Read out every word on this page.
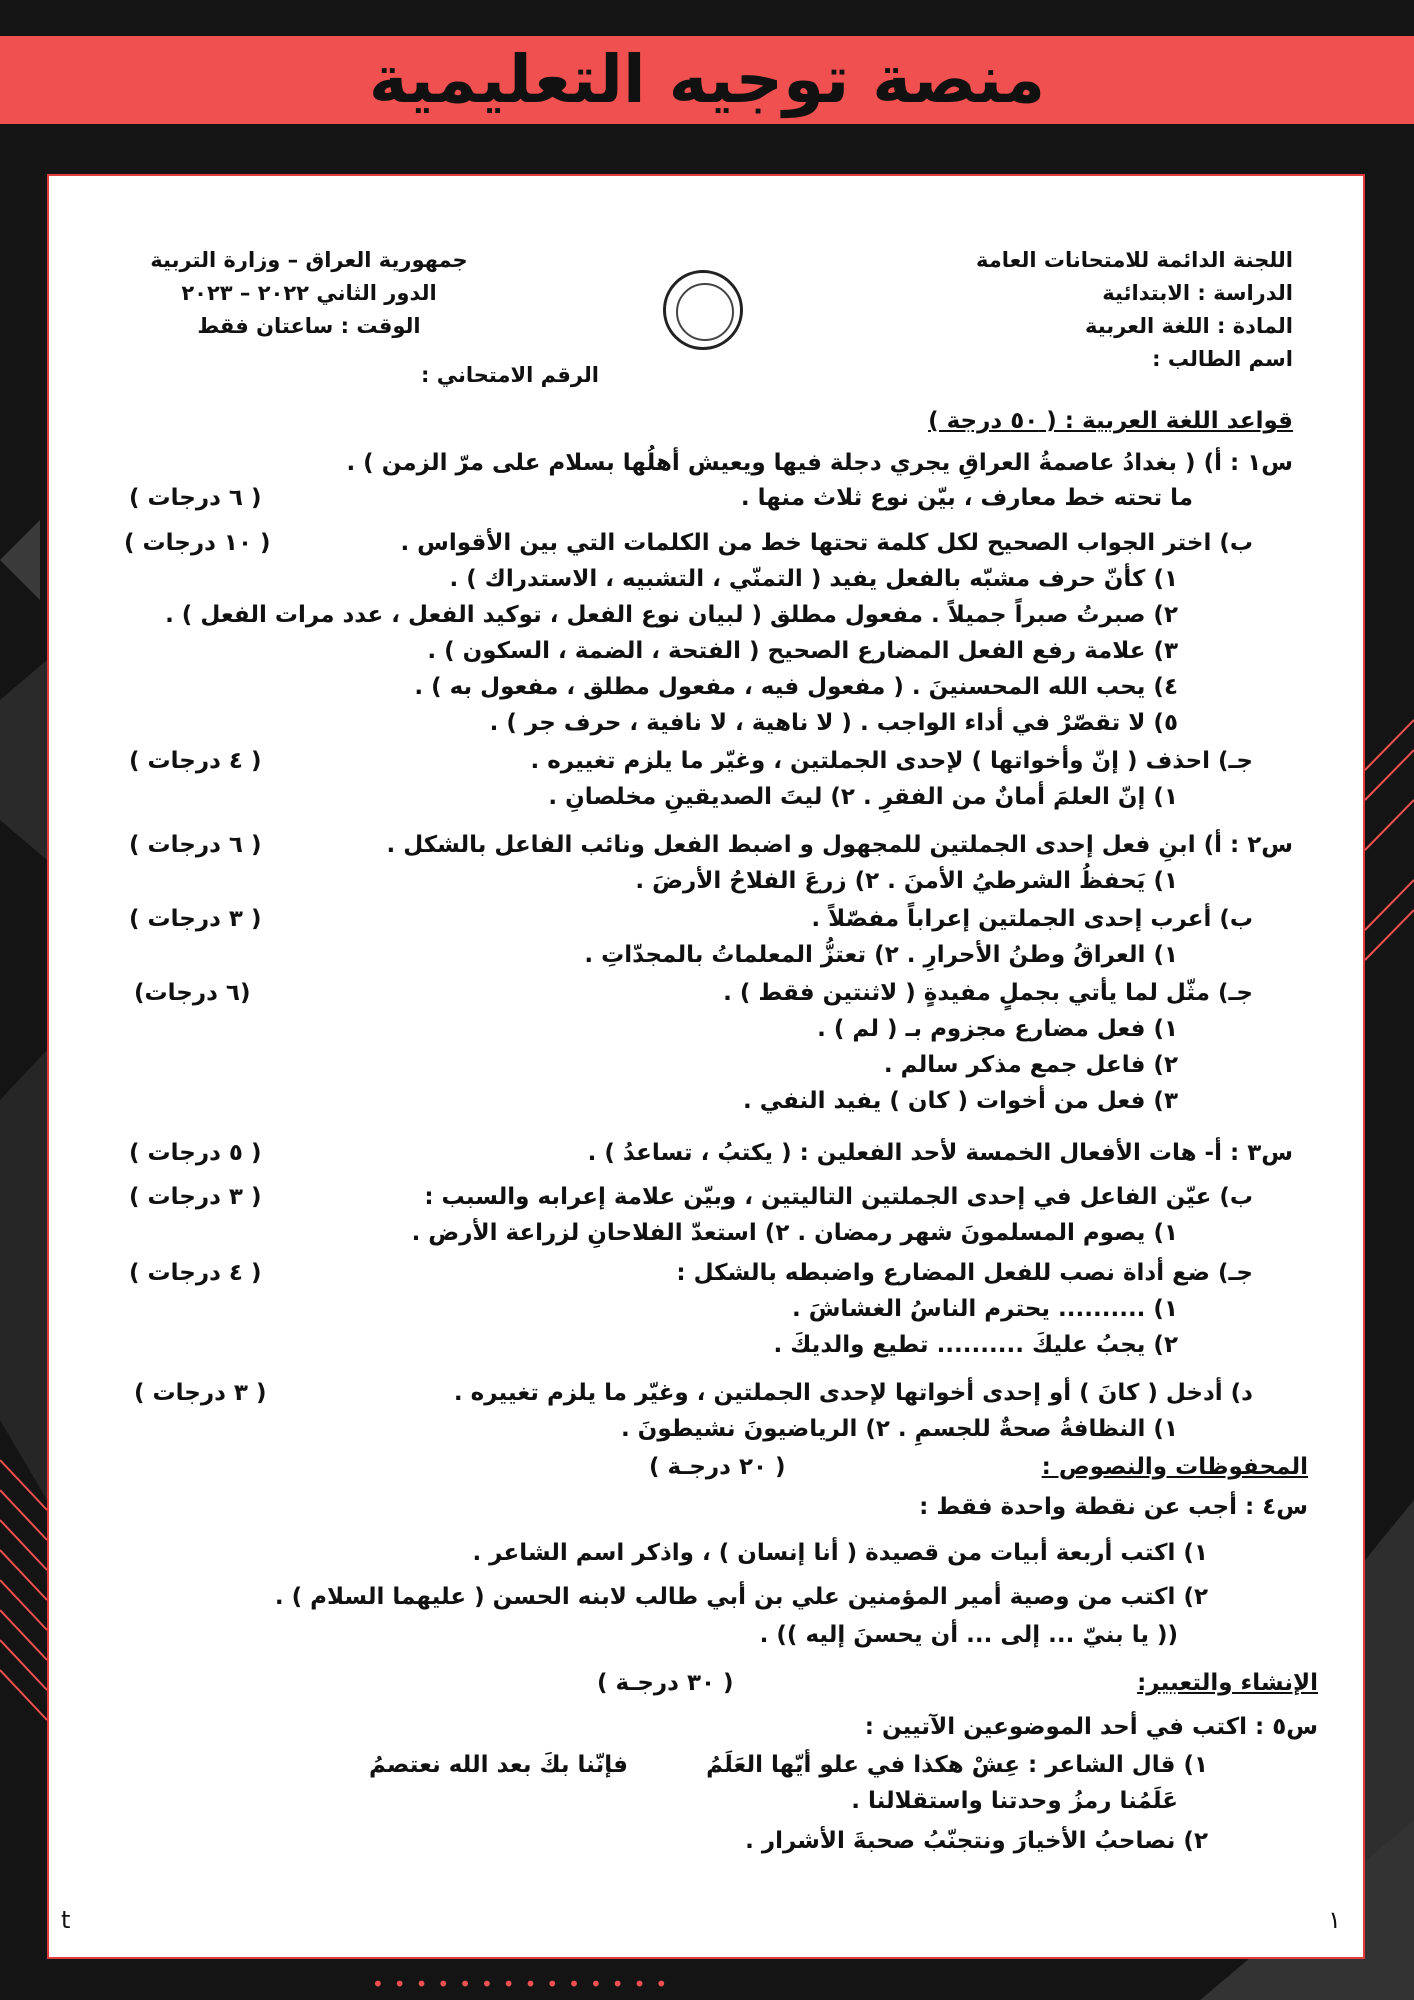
منصة توجيه التعليمية
اللجنة الدائمة للامتحانات العامة
الدراسة : الابتدائية
المادة : اللغة العربية
اسم الطالب :
جمهورية العراق – وزارة التربية
الدور الثاني ٢٠٢٢ – ٢٠٢٣
الوقت : ساعتان فقط
الرقم الامتحاني :
قواعد اللغة العربية : ( ٥٠ درجة )
س١ : أ) ( بغدادُ عاصمةُ العراقِ يجري دجلة فيها ويعيش أهلُها بسلام على مرّ الزمن ) .
ما تحته خط معارف ، بيّن نوع ثلاث منها .
( ٦ درجات )
ب) اختر الجواب الصحيح لكل كلمة تحتها خط من الكلمات التي بين الأقواس .
( ١٠ درجات )
١) كأنّ حرف مشبّه بالفعل يفيد ( التمنّي ، التشبيه ، الاستدراك ) .
٢) صبرتُ صبراً جميلاً . مفعول مطلق ( لبيان نوع الفعل ، توكيد الفعل ، عدد مرات الفعل ) .
٣) علامة رفع الفعل المضارع الصحيح ( الفتحة ، الضمة ، السكون ) .
٤) يحب الله المحسنينَ . ( مفعول فيه ، مفعول مطلق ، مفعول به ) .
٥) لا تقصّرْ في أداء الواجب . ( لا ناهية ، لا نافية ، حرف جر ) .
جـ) احذف ( إنّ وأخواتها ) لإحدى الجملتين ، وغيّر ما يلزم تغييره .
( ٤ درجات )
١) إنّ العلمَ أمانٌ من الفقرِ . ٢) ليتَ الصديقينِ مخلصانِ .
س٢ : أ) ابنِ فعل إحدى الجملتين للمجهول و اضبط الفعل ونائب الفاعل بالشكل .
( ٦ درجات )
١) يَحفظُ الشرطيُ الأمنَ . ٢) زرعَ الفلاحُ الأرضَ .
ب) أعرب إحدى الجملتين إعراباً مفصّلاً .
( ٣ درجات )
١) العراقُ وطنُ الأحرارِ . ٢) تعتزُّ المعلماتُ بالمجدّاتِ .
جـ) مثّل لما يأتي بجملٍ مفيدةٍ ( لاثنتين فقط ) .
(٦ درجات)
١) فعل مضارع مجزوم بـ ( لم ) .
٢) فاعل جمع مذكر سالم .
٣) فعل من أخوات ( كان ) يفيد النفي .
س٣ : أ- هات الأفعال الخمسة لأحد الفعلين : ( يكتبُ ، تساعدُ ) .
( ٥ درجات )
ب) عيّن الفاعل في إحدى الجملتين التاليتين ، وبيّن علامة إعرابه والسبب :
( ٣ درجات )
١) يصوم المسلمونَ شهر رمضان . ٢) استعدّ الفلاحانِ لزراعة الأرض .
جـ) ضع أداة نصب للفعل المضارع واضبطه بالشكل :
( ٤ درجات )
١) .......... يحترم الناسُ الغشاشَ .
٢) يجبُ عليكَ .......... تطيع والديكَ .
د) أدخل ( كانَ ) أو إحدى أخواتها لإحدى الجملتين ، وغيّر ما يلزم تغييره .
( ٣ درجات )
١) النظافةُ صحةٌ للجسمِ . ٢) الرياضيونَ نشيطونَ .
المحفوظات والنصوص :
( ٢٠ درجـة )
س٤ : أجب عن نقطة واحدة فقط :
١) اكتب أربعة أبيات من قصيدة ( أنا إنسان ) ، واذكر اسم الشاعر .
٢) اكتب من وصية أمير المؤمنين علي بن أبي طالب لابنه الحسن ( عليهما السلام ) .
(( يا بنيّ ... إلى ... أن يحسنَ إليه )) .
الإنشاء والتعبير:
( ٣٠ درجـة )
س٥ : اكتب في أحد الموضوعين الآتيين :
١) قال الشاعر : عِشْ هكذا في علو أيّها العَلَمُ
فإنّنا بكَ بعد الله نعتصمُ
عَلَمُنا رمزُ وحدتنا واستقلالنا .
٢) نصاحبُ الأخيارَ ونتجنّبُ صحبةَ الأشرار .
t	١
••••••••••••••
